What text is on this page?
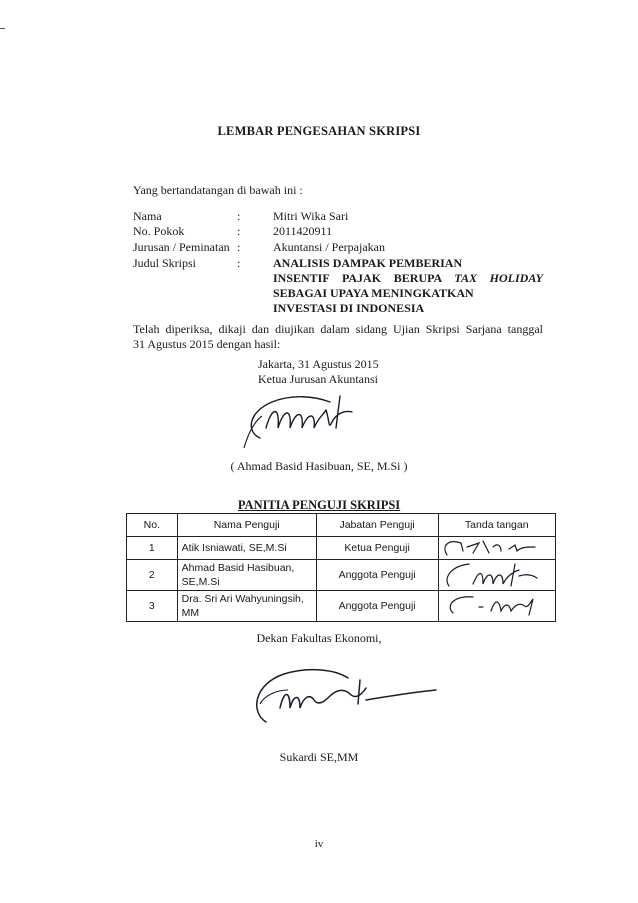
LEMBAR PENGESAHAN SKRIPSI
Yang bertandatangan di bawah ini :
Nama	:	Mitri Wika Sari
No. Pokok	:	2011420911
Jurusan / Peminatan :	Akuntansi / Perpajakan
Judul Skripsi	:	ANALISIS DAMPAK PEMBERIAN
INSENTIF PAJAK BERUPA TAX HOLIDAY
SEBAGAI UPAYA MENINGKATKAN
INVESTASI DI INDONESIA
Telah diperiksa, dikaji dan diujikan dalam sidang Ujian Skripsi Sarjana tanggal
31 Agustus 2015 dengan hasil:
Jakarta, 31 Agustus 2015
Ketua Jurusan Akuntansi
( Ahmad Basid Hasibuan, SE, M.Si )
PANITIA PENGUJI SKRIPSI
No.	Nama Penguji	Jabatan Penguji	Tanda tangan
1	Atik Isniawati, SE,M.Si	Ketua Penguji	

2	Ahmad Basid Hasibuan,
SE,M.Si	Anggota Penguji	

3	Dra. Sri Ari Wahyuningsih,
MM	Anggota Penguji	
Dekan Fakultas Ekonomi,
Sukardi SE,MM
iv
